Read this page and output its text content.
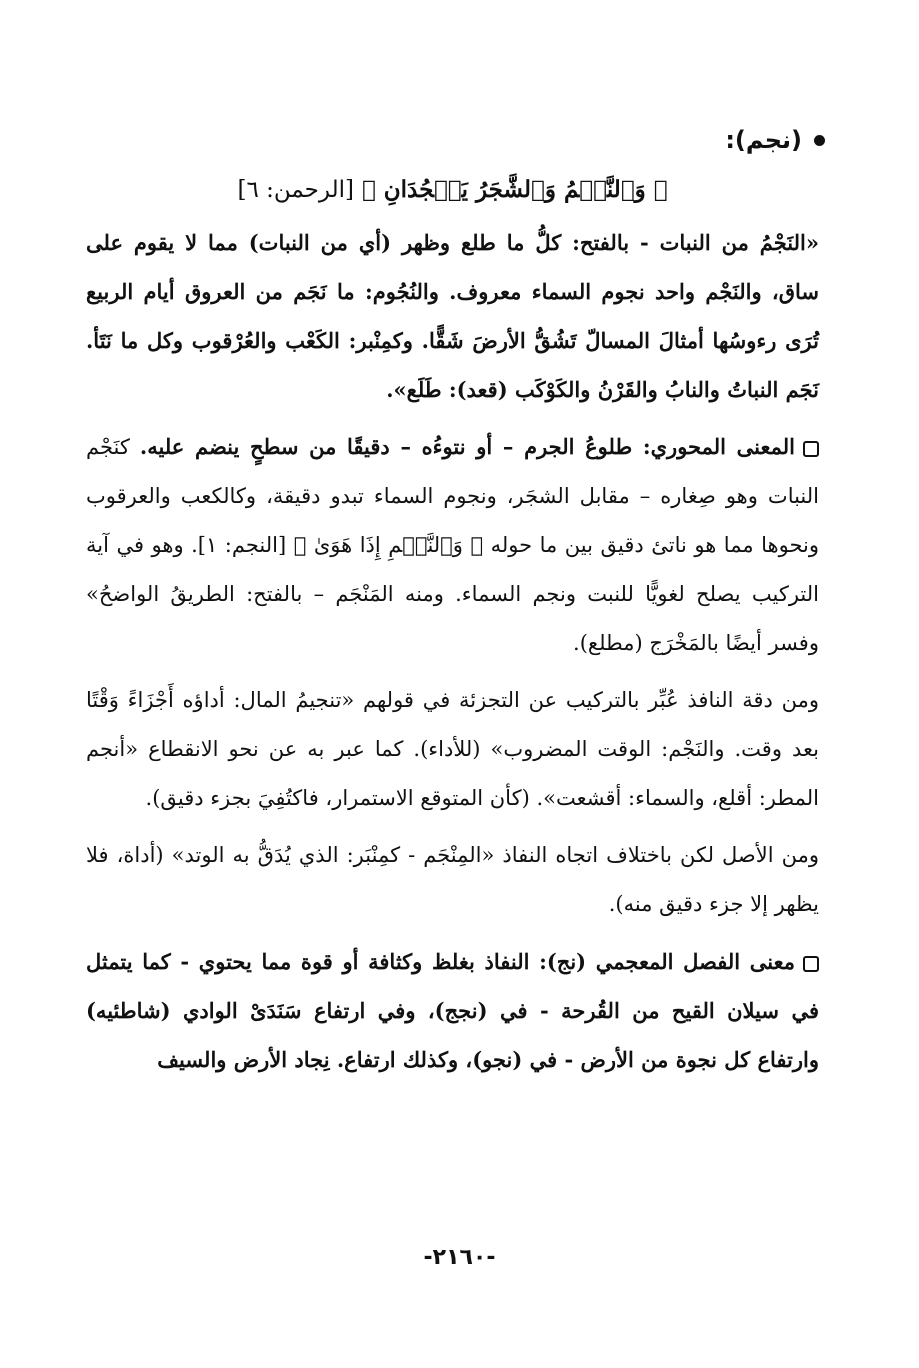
(نجم):
﴿ وَٱلنَّجۡمُ وَٱلشَّجَرُ يَسۡجُدَانِ ﴾[الرحمن: ٦]

«النَجْمُ من النبات - بالفتح: كلُّ ما طلع وظهر (أي من النبات) مما لا يقوم على ساق، والنَجْم واحد نجوم السماء معروف. والنُجُوم: ما نَجَم من العروق أيام الربيع تُرَى رءوسُها أمثالَ المسالّ تَشُقُّ الأرضَ شَقًّا. وكمِنْبر: الكَعْب والعُرْقوب وكل ما نَتَأ. نَجَم النباتُ والنابُ والقَرْنُ والكَوْكَب (قعد): طَلَع».

المعنى المحوري: طلوعُ الجرم – أو نتوءُه – دقيقًا من سطحٍ ينضم عليه. كنَجْم النبات وهو صِغاره – مقابل الشجَر، ونجوم السماء تبدو دقيقة، وكالكعب والعرقوب ونحوها مما هو ناتئ دقيق بين ما حوله ﴿ وَٱلنَّجۡمِ إِذَا هَوَىٰ ﴾ [النجم: ١]. وهو في آية التركيب يصلح لغويًّا للنبت ونجم السماء. ومنه المَنْجَم – بالفتح: الطريقُ الواضحُ» وفسر أيضًا بالمَخْرَج (مطلع).

ومن دقة النافذ عُبِّر بالتركيب عن التجزئة في قولهم «تنجيمُ المال: أداؤه أَجْزَاءً وَقْتًا بعد وقت. والنَجْم: الوقت المضروب» (للأداء). كما عبر به عن نحو الانقطاع «أنجم المطر: أقلع، والسماء: أقشعت». (كأن المتوقع الاستمرار، فاكتُفِيَ بجزء دقيق).

ومن الأصل لكن باختلاف اتجاه النفاذ «المِنْجَم - كمِنْبَر: الذي يُدَقُّ به الوتد» (أداة، فلا يظهر إلا جزء دقيق منه).

معنى الفصل المعجمي (نج): النفاذ بغلظ وكثافة أو قوة مما يحتوي - كما يتمثل في سيلان القيح من القُرحة - في (نجج)، وفي ارتفاع سَنَدَىْ الوادي (شاطئيه) وارتفاع كل نجوة من الأرض - في (نجو)، وكذلك ارتفاع. نِجاد الأرض والسيف

-٢١٦٠-
